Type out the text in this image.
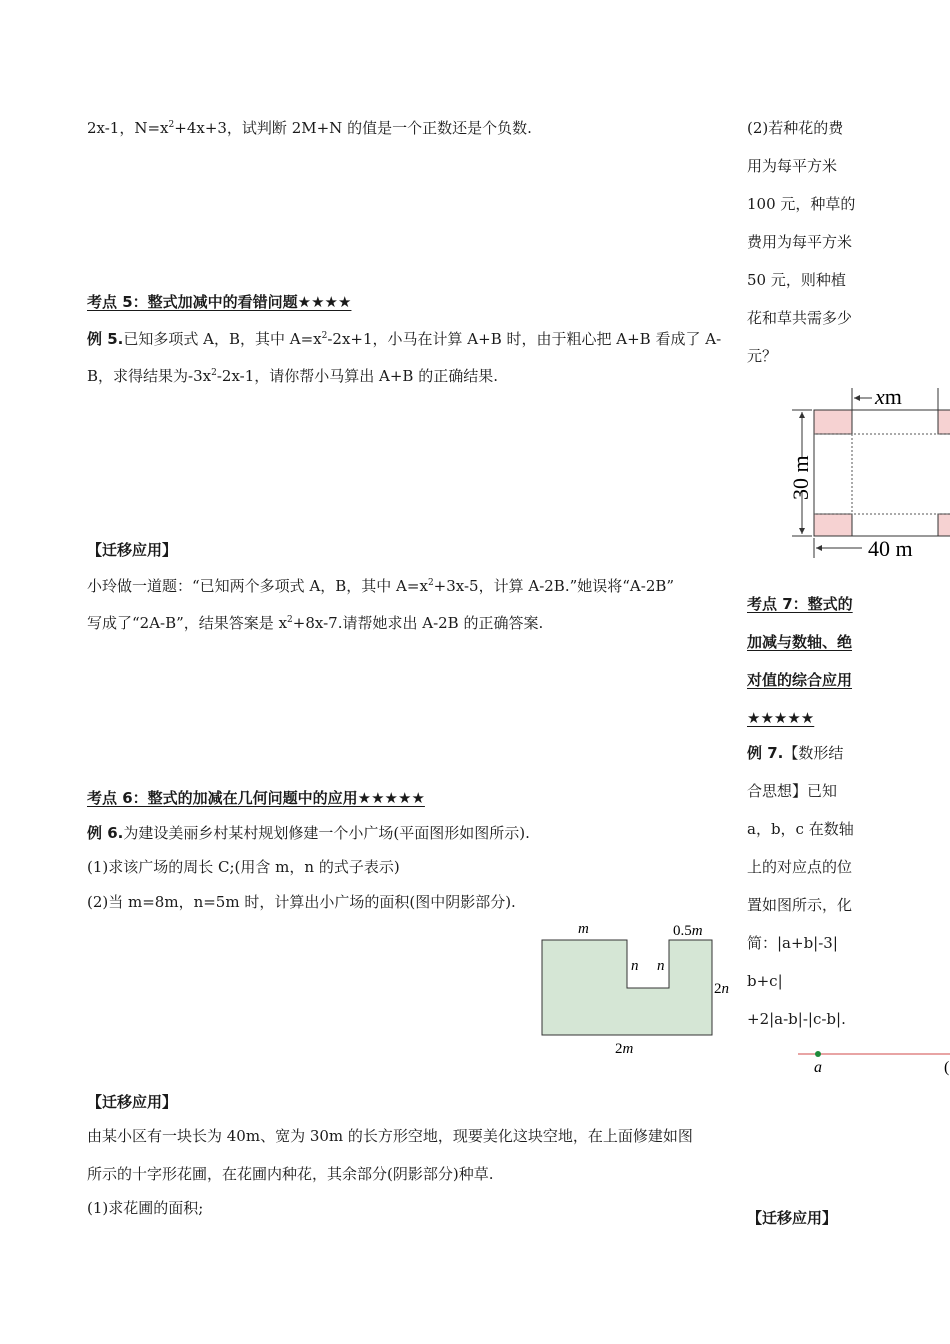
2x-1，$N=x^2+4x+3$，试判断 2M+N 的值是一个正数还是个负数.
考点 5：整式加减中的看错问题★★★★
例 5.已知多项式 A，B，其中 $A=x^2-2x+1$，小马在计算 A+B 时，由于粗心把 A+B 看成了 A-
B，求得结果为$-3x^2-2x-1$，请你帮小马算出 A+B 的正确结果.
【迁移应用】
小玲做一道题：“已知两个多项式 A，B，其中 $A=x^2+3x-5$，计算 A-2B.”她误将“A-2B”
写成了“2A-B”，结果答案是 $x^2+8x-7$.请帮她求出 A-2B 的正确答案.
考点 6：整式的加减在几何问题中的应用★★★★★
例 6.为建设美丽乡村某村规划修建一个小广场(平面图形如图所示).
(1)求该广场的周长 C;(用含 m，n 的式子表示)
(2)当 m=8m，n=5m 时，计算出小广场的面积(图中阴影部分).
m	0.5m
n n
2n
2m
【迁移应用】
由某小区有一块长为 40m、宽为 30m 的长方形空地，现要美化这块空地，在上面修建如图
所示的十字形花圃，在花圃内种花，其余部分(阴影部分)种草.
(1)求花圃的面积;
(2)若种花的费
用为每平方米
100 元，种草的
费用为每平方米
50 元，则种植
花和草共需多少
元？
xm
30 m
40 m
考点 7：整式的
加减与数轴、绝
对值的综合应用
★★★★★
例 7.【数形结
合思想】已知
a，b，c 在数轴
上的对应点的位
置如图所示，化
简：|a+b|-3|
b+c|
+2|a-b|-|c-b|.
a	(
【迁移应用】
